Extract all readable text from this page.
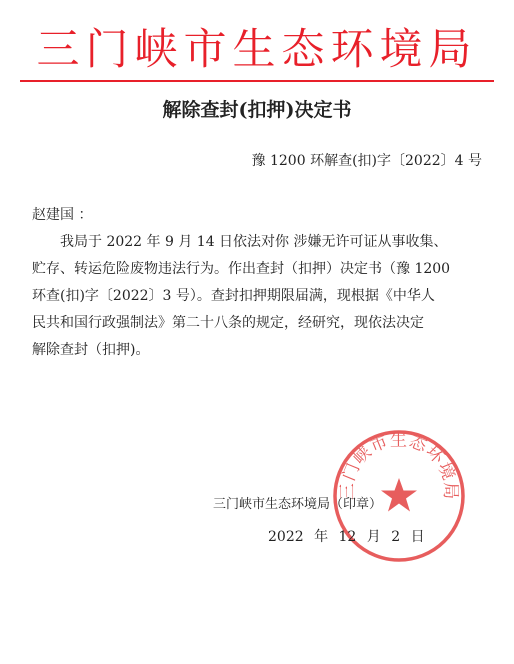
三门峡市生态环境局
解除查封(扣押)决定书
豫 1200 环解查(扣)字〔2022〕4 号
赵建国 ：
　　我局于 2022 年 9 月 14 日依法对你 涉嫌无许可证从事收集、
贮存、转运危险废物违法行为。作出查封（扣押）决定书（豫 1200
环查(扣)字〔2022〕3 号）。查封扣押期限届满，现根据《中华人
民共和国行政强制法》第二十八条的规定，经研究，现依法决定
解除查封（扣押)。
三门峡市生态环境局
三门峡市生态环境局（印章）
2022 年 12 月 2 日
